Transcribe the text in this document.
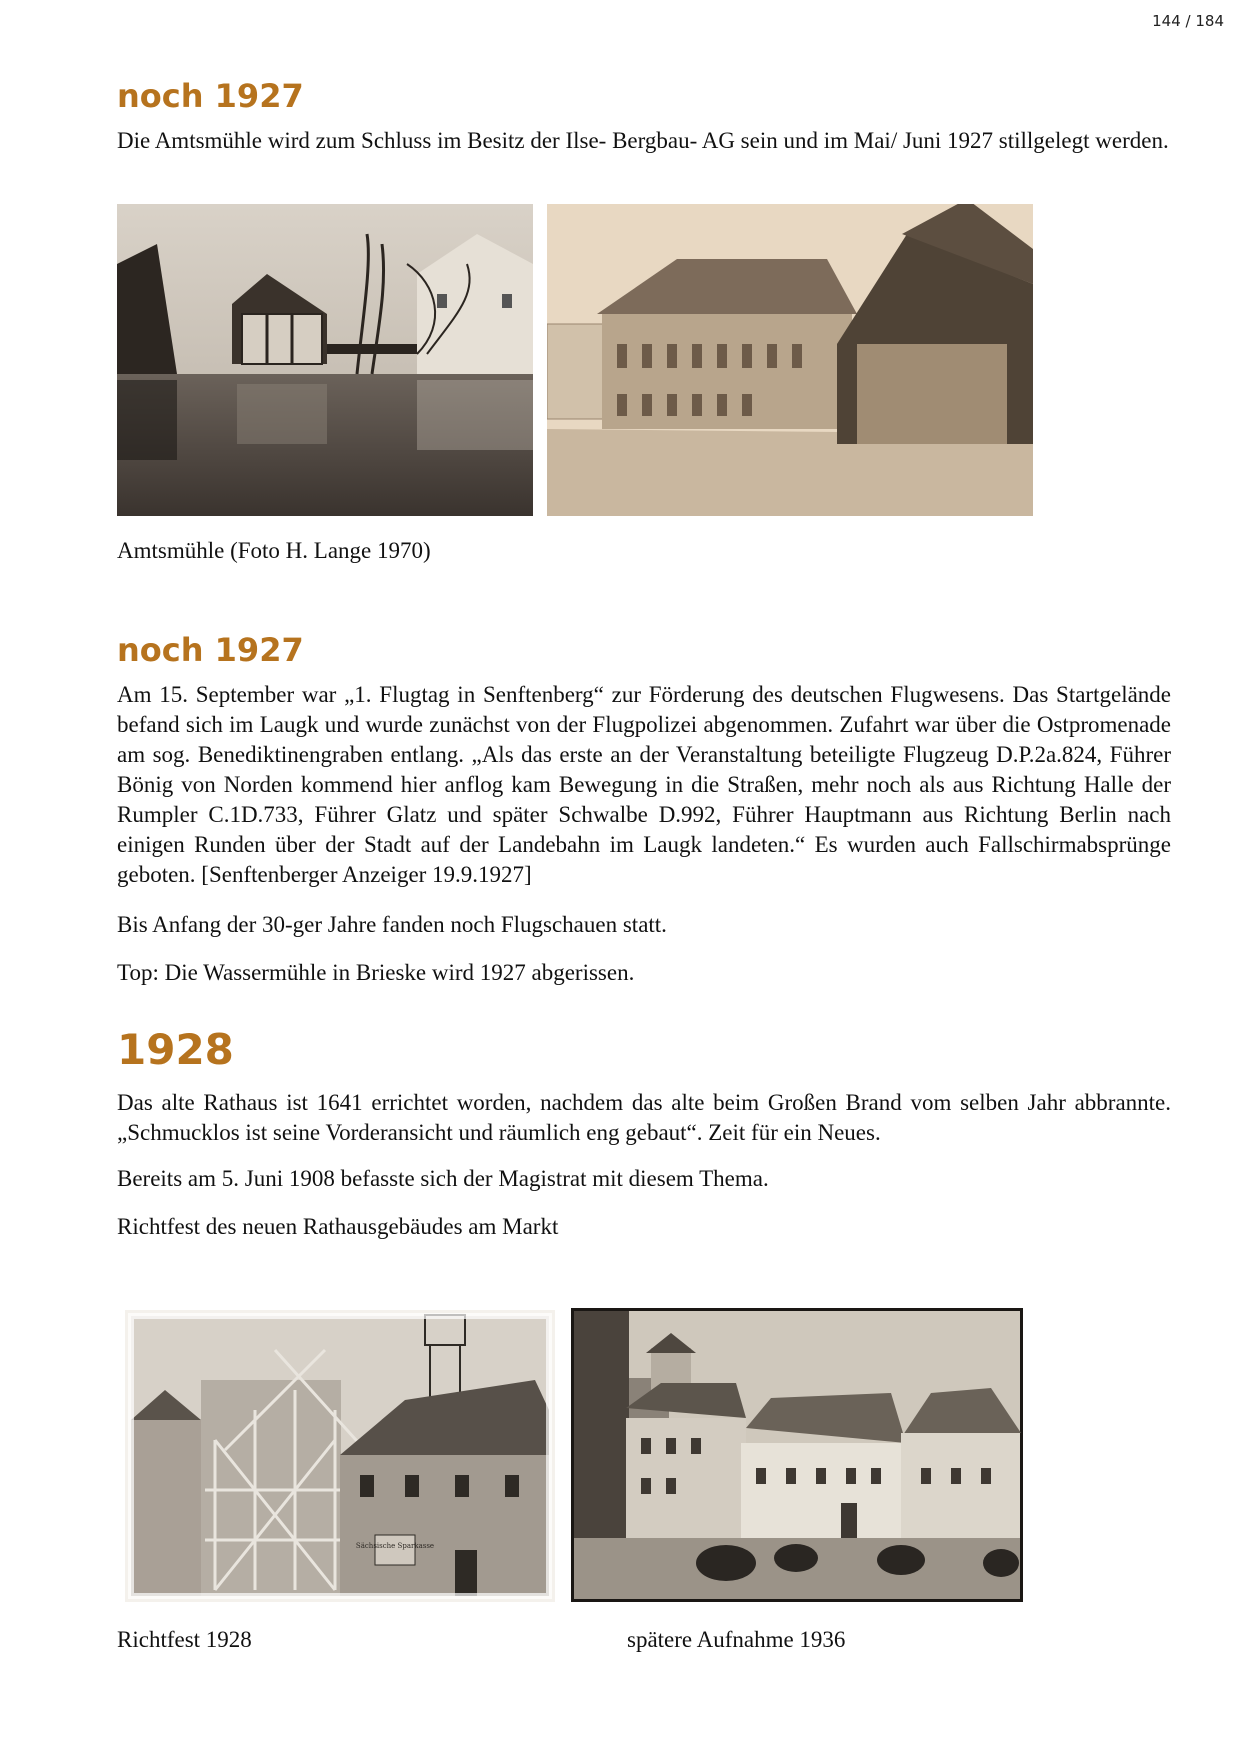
144 / 184
noch 1927

Die Amtsmühle wird zum Schluss im Besitz der Ilse- Bergbau- AG sein und im Mai/ Juni 1927 stillgelegt werden.

Amtsmühle (Foto H. Lange 1970)
noch 1927

Am 15. September war „1. Flugtag in Senftenberg“ zur Förderung des deutschen Flugwesens. Das Startgelände befand sich im Laugk und wurde zunächst von der Flugpolizei abgenommen. Zufahrt war über die Ostpromenade am sog. Benediktinengraben entlang. „Als das erste an der Veranstaltung beteiligte Flugzeug D.P.2a.824, Führer Bönig von Norden kommend hier anflog kam Bewegung in die Straßen, mehr noch als aus Richtung Halle der Rumpler C.1D.733, Führer Glatz und später Schwalbe D.992, Führer Hauptmann aus Richtung Berlin nach einigen Runden über der Stadt auf der Landebahn im Laugk landeten.“ Es wurden auch Fallschirmabsprünge geboten. [Senftenberger Anzeiger 19.9.1927]

Bis Anfang der 30-ger Jahre fanden noch Flugschauen statt.

Top: Die Wassermühle in Brieske wird 1927 abgerissen.

1928

Das alte Rathaus ist 1641 errichtet worden, nachdem das alte beim Großen Brand vom selben Jahr abbrannte. „Schmucklos ist seine Vorderansicht und räumlich eng gebaut“. Zeit für ein Neues.

Bereits am 5. Juni 1908 befasste sich der Magistrat mit diesem Thema.

Richtfest des neuen Rathausgebäudes am Markt

Sächsische Sparkasse
Richtfest 1928	spätere Aufnahme 1936
